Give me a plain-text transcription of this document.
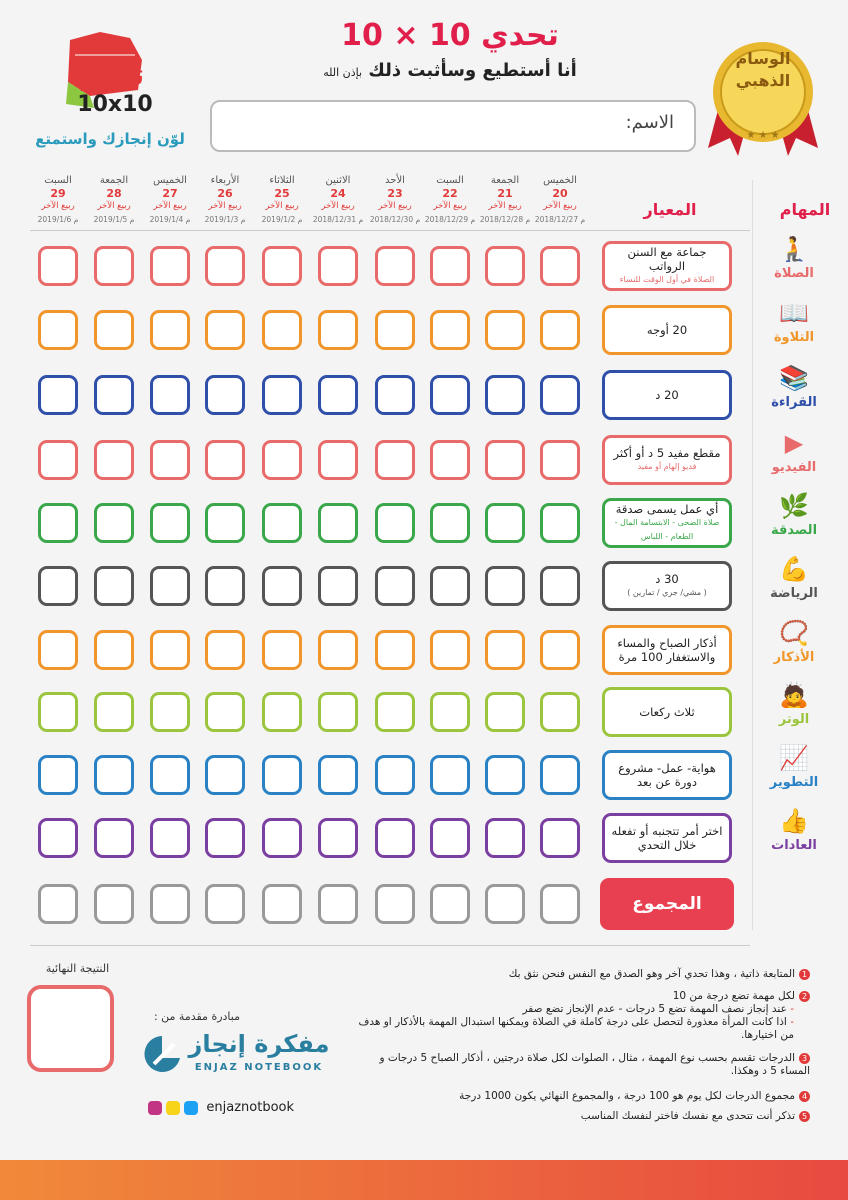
تحدي
10x10
لوّن إنجازك واستمتع
تحدي 10 × 10
أنا أستطيع وسأثبت ذلك بإذن الله
الاسم:
★ ★ ★
الوسام
الذهبي
المهام
المعيار
الخميس
20
ربيع الآخر
2018/12/27 م
الجمعة
21
ربيع الآخر
2018/12/28 م
السبت
22
ربيع الآخر
2018/12/29 م
الأحد
23
ربيع الآخر
2018/12/30 م
الاثنين
24
ربيع الآخر
2018/12/31 م
الثلاثاء
25
ربيع الآخر
2019/1/2 م
الأربعاء
26
ربيع الآخر
2019/1/3 م
الخميس
27
ربيع الآخر
2019/1/4 م
الجمعة
28
ربيع الآخر
2019/1/5 م
السبت
29
ربيع الآخر
2019/1/6 م
جماعة مع السنن الرواتب
الصلاة في أول الوقت للنساء
🧎
الصلاة
20 أوجه
📖
التلاوة
20 د
📚
القراءة
مقطع مفيد 5 د أو أكثر
فديو إلهام أو مفيد
▶
الفيديو
أي عمل يسمى صدقة
صلاة الضحى - الابتسامة المال - الطعام - اللباس
🌿
الصدقة
30 د
( مشي/ جري / تمارين )
💪
الرياضة
أذكار الصباح والمساء والاستغفار 100 مرة
📿
الأذكار
ثلاث ركعات
🙇
الوتر
هواية- عمل- مشروع دورة عن بعد
📈
التطوير
اختر أمر تتجنبه أو تفعله خلال التحدي
👍
العادات
المجموع
النتيجة النهائية
مبادرة مقدمة من :
مفكرة إنجاز
ENJAZ NOTEBOOK
enjaznotbook
1المتابعة ذاتية ، وهذا تحدي آخر وهو الصدق مع النفس فنحن نثق بك
2لكل مهمة تضع درجة من 10
- عند إنجاز نصف المهمة تضع 5 درجات - عدم الإنجاز تضع صفر
- اذا كانت المرأة معذورة لتحصل على درجة كاملة في الصلاة ويمكنها استبدال المهمة بالأذكار او هدف من اختيارها.
3الدرجات تقسم بحسب نوع المهمة ، مثال ، الصلوات لكل صلاة درجتين ، أذكار الصباح 5 درجات و المساء 5 د وهكذا.
4مجموع الدرجات لكل يوم هو 100 درجة ، والمجموع النهائي يكون 1000 درجة
5تذكر أنت تتحدى مع نفسك فاختر لنفسك المناسب
